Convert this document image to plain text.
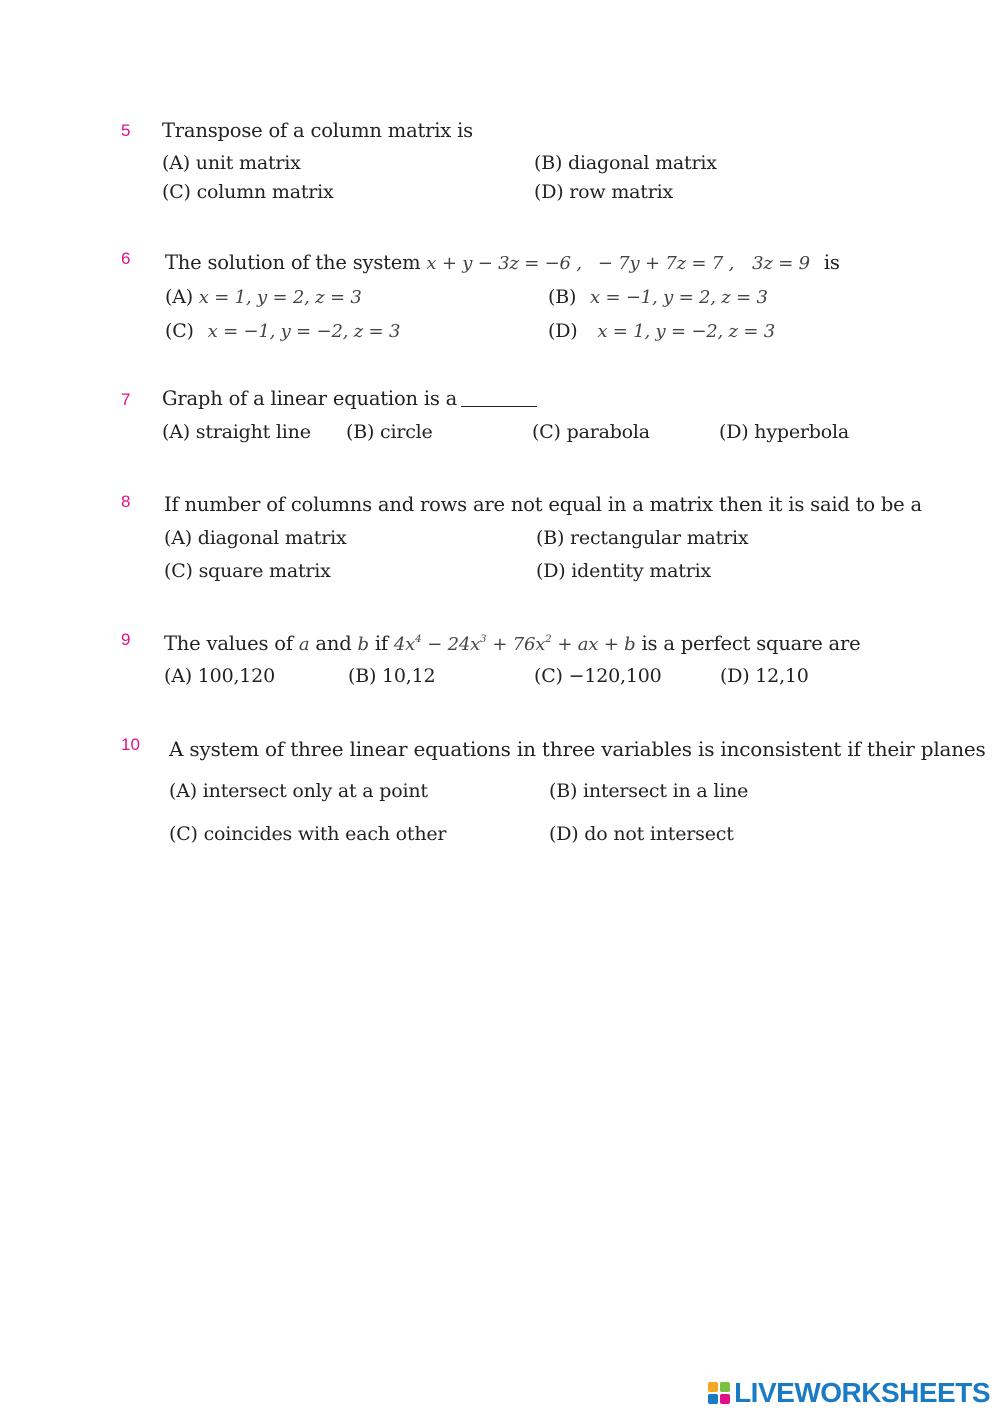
5 Transpose of a column matrix is
(A) unit matrix	(B) diagonal matrix
(C) column matrix	(D) row matrix
6 The solution of the system x + y − 3z = −6 , − 7y + 7z = 7 , 3z = 9 is
(A) x = 1, y = 2, z = 3	(B) x = −1, y = 2, z = 3
(C) x = −1, y = −2, z = 3	(D) x = 1, y = −2, z = 3
7 Graph of a linear equation is a
(A) straight line (B) circle	(C) parabola	(D) hyperbola
8 If number of columns and rows are not equal in a matrix then it is said to be a
(A) diagonal matrix	(B) rectangular matrix
(C) square matrix	(D) identity matrix
9 The values of a and b if $4x^4 - 24x^3 + 76x^2$ + ax + b is a perfect square are
(A) 100,120	(B) 10,12	(C) −120,100	(D) 12,10
10 A system of three linear equations in three variables is inconsistent if their planes
(A) intersect only at a point	(B) intersect in a line
(C) coincides with each other	(D) do not intersect
LIVEWORKSHEETS
